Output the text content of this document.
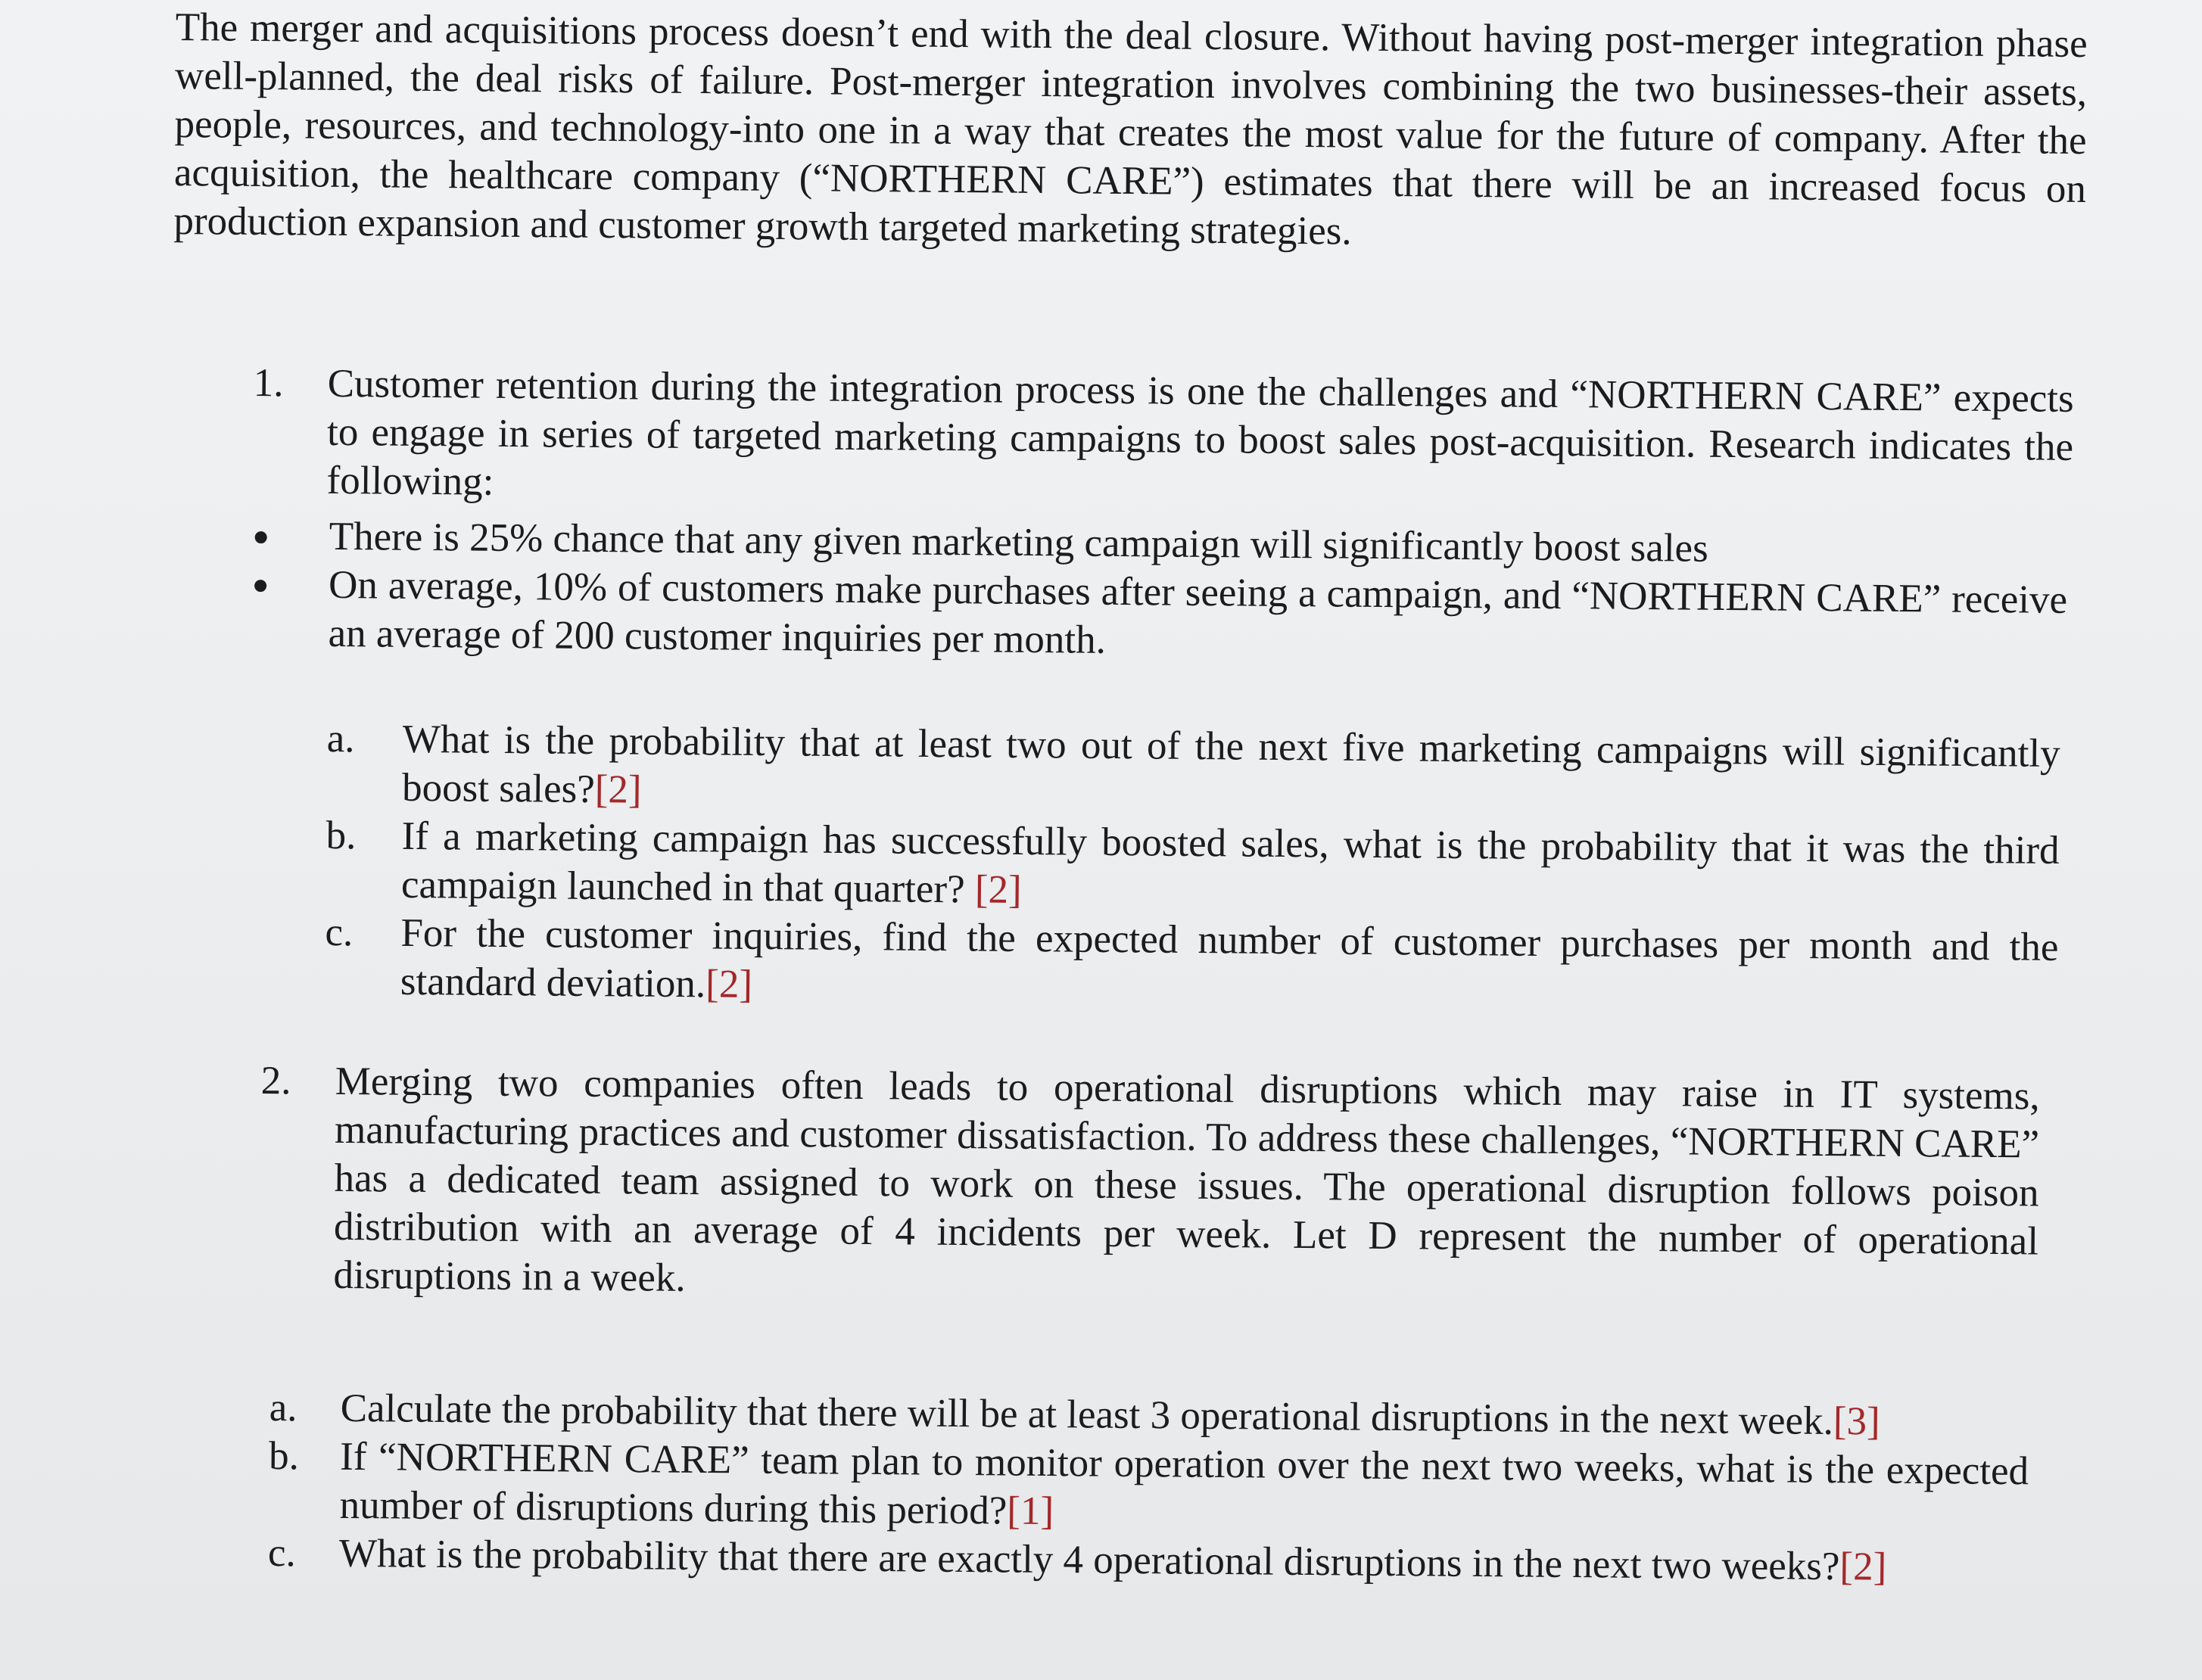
The merger and acquisitions process doesn’t end with the deal closure. Without having post-merger integration phase well-planned, the deal risks of failure. Post-merger integration involves combining the two businesses-their assets, people, resources, and technology-into one in a way that creates the most value for the future of company. After the acquisition, the healthcare company (“NORTHERN CARE”) estimates that there will be an increased focus on production expansion and customer growth targeted marketing strategies.

1.	Customer retention during the integration process is one the challenges and “NORTHERN CARE” expects to engage in series of targeted marketing campaigns to boost sales post-acquisition. Research indicates the following:
There is 25% chance that any given marketing campaign will significantly boost sales
On average, 10% of customers make purchases after seeing a campaign, and “NORTHERN CARE” receive an average of 200 customer inquiries per month.
a.	What is the probability that at least two out of the next five marketing campaigns will significantly boost sales?[2]
b.	If a marketing campaign has successfully boosted sales, what is the probability that it was the third campaign launched in that quarter? [2]
c.	For the customer inquiries, find the expected number of customer purchases per month and the standard deviation.[2]
2.	Merging two companies often leads to operational disruptions which may raise in IT systems, manufacturing practices and customer dissatisfaction. To address these challenges, “NORTHERN CARE” has a dedicated team assigned to work on these issues. The operational disruption follows poison distribution with an average of 4 incidents per week. Let D represent the number of operational disruptions in a week.
a.	Calculate the probability that there will be at least 3 operational disruptions in the next week.[3]
b.	If “NORTHERN CARE” team plan to monitor operation over the next two weeks, what is the expected number of disruptions during this period?[1]
c.	What is the probability that there are exactly 4 operational disruptions in the next two weeks?[2]
